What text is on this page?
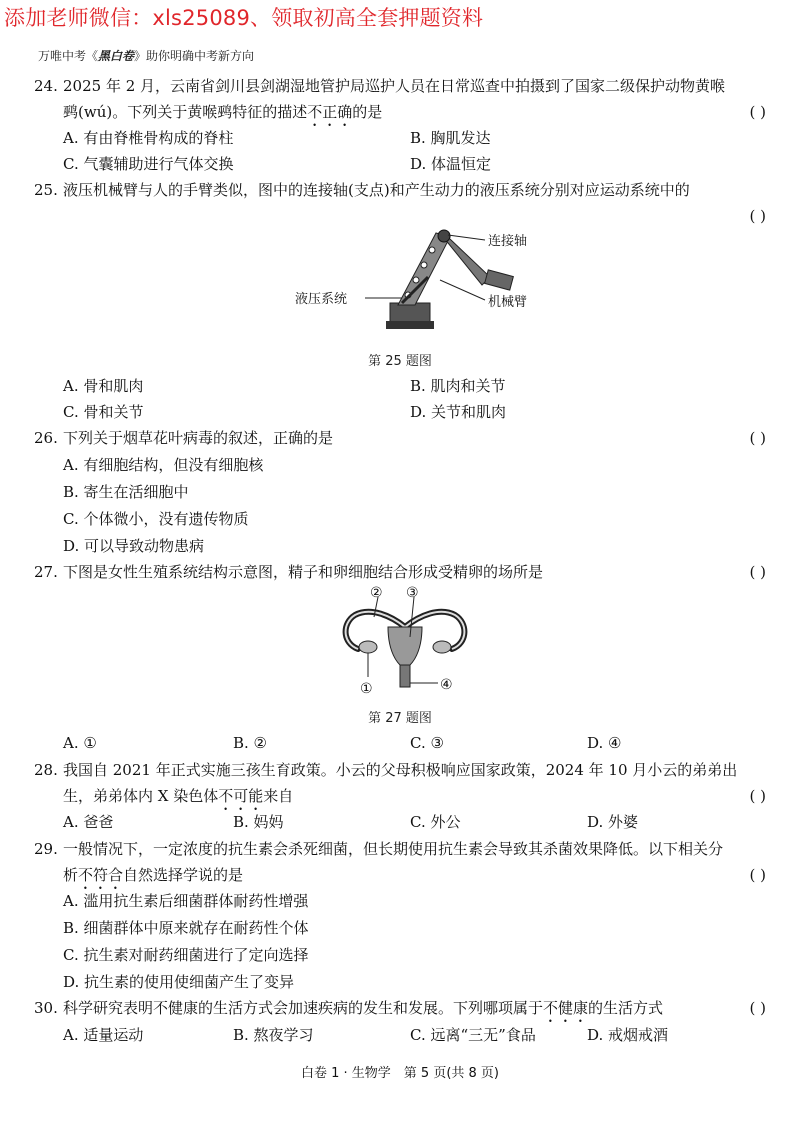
添加老师微信：xls25089、领取初高全套押题资料
万唯中考《黑白卷》助你明确中考新方向
24. 2025 年 2 月，云南省剑川县剑湖湿地管护局巡护人员在日常巡查中拍摄到了国家二级保护动物黄喉
鹀(wú)。下列关于黄喉鹀特征的描述不正确的是	( )
A. 有由脊椎骨构成的脊柱	B. 胸肌发达
C. 气囊辅助进行气体交换	D. 体温恒定
25. 液压机械臂与人的手臂类似，图中的连接轴(支点)和产生动力的液压系统分别对应运动系统中的
( )
连接轴
液压系统	机械臂
第 25 题图
A. 骨和肌肉	B. 肌肉和关节
C. 骨和关节	D. 关节和肌肉
26. 下列关于烟草花叶病毒的叙述，正确的是	( )
A. 有细胞结构，但没有细胞核
B. 寄生在活细胞中
C. 个体微小，没有遗传物质
D. 可以导致动物患病
27. 下图是女性生殖系统结构示意图，精子和卵细胞结合形成受精卵的场所是	( )
② ③
①	④
第 27 题图
A. ①	B. ②	C. ③	D. ④
28. 我国自 2021 年正式实施三孩生育政策。小云的父母积极响应国家政策，2024 年 10 月小云的弟弟出
生，弟弟体内 X 染色体不可能来自	( )
A. 爸爸	B. 妈妈	C. 外公	D. 外婆
29. 一般情况下，一定浓度的抗生素会杀死细菌，但长期使用抗生素会导致其杀菌效果降低。以下相关分
析不符合自然选择学说的是	( )
A. 滥用抗生素后细菌群体耐药性增强
B. 细菌群体中原来就存在耐药性个体
C. 抗生素对耐药细菌进行了定向选择
D. 抗生素的使用使细菌产生了变异
30. 科学研究表明不健康的生活方式会加速疾病的发生和发展。下列哪项属于不健康的生活方式	( )
A. 适量运动	B. 熬夜学习	C. 远离“三无”食品	D. 戒烟戒酒
白卷 1 · 生物学　第 5 页(共 8 页)
